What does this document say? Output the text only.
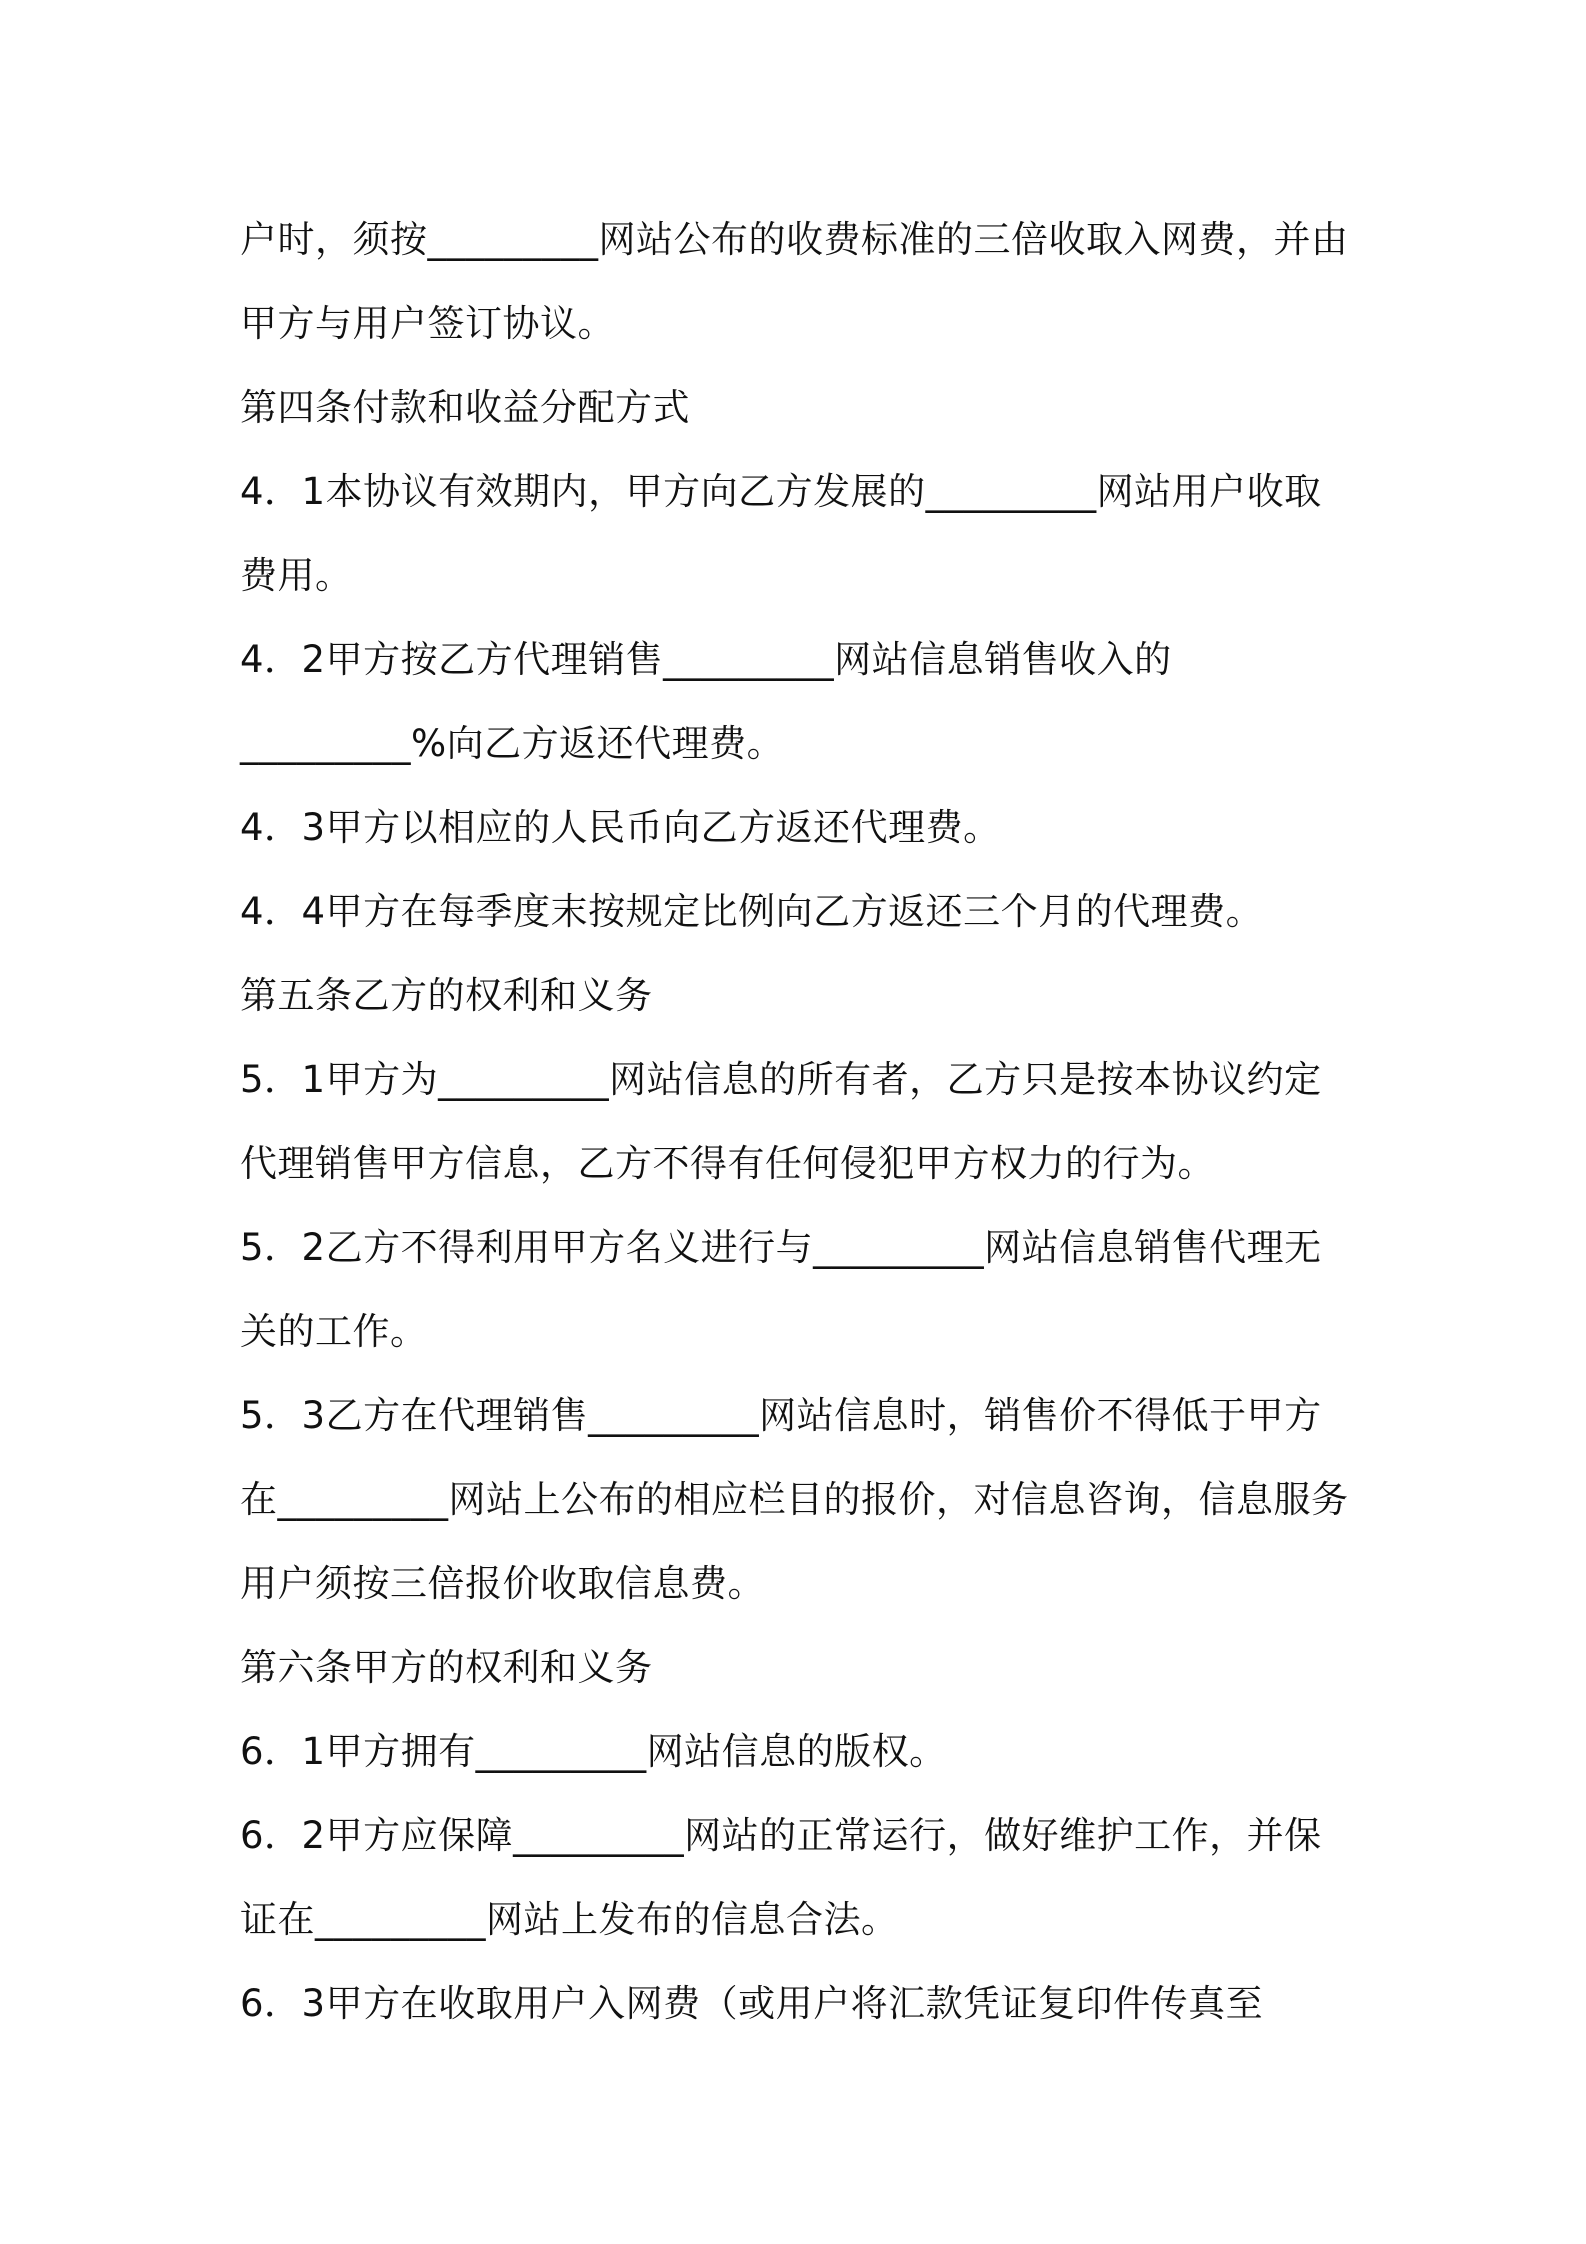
户时，须按_________网站公布的收费标准的三倍收取入网费，并由
甲方与用户签订协议。
第四条付款和收益分配方式
4．1本协议有效期内，甲方向乙方发展的_________网站用户收取
费用。
4．2甲方按乙方代理销售_________网站信息销售收入的
_________%向乙方返还代理费。
4．3甲方以相应的人民币向乙方返还代理费。
4．4甲方在每季度末按规定比例向乙方返还三个月的代理费。
第五条乙方的权利和义务
5．1甲方为_________网站信息的所有者，乙方只是按本协议约定
代理销售甲方信息，乙方不得有任何侵犯甲方权力的行为。
5．2乙方不得利用甲方名义进行与_________网站信息销售代理无
关的工作。
5．3乙方在代理销售_________网站信息时，销售价不得低于甲方
在_________网站上公布的相应栏目的报价，对信息咨询，信息服务
用户须按三倍报价收取信息费。
第六条甲方的权利和义务
6．1甲方拥有_________网站信息的版权。
6．2甲方应保障_________网站的正常运行，做好维护工作，并保
证在_________网站上发布的信息合法。
6．3甲方在收取用户入网费（或用户将汇款凭证复印件传真至
